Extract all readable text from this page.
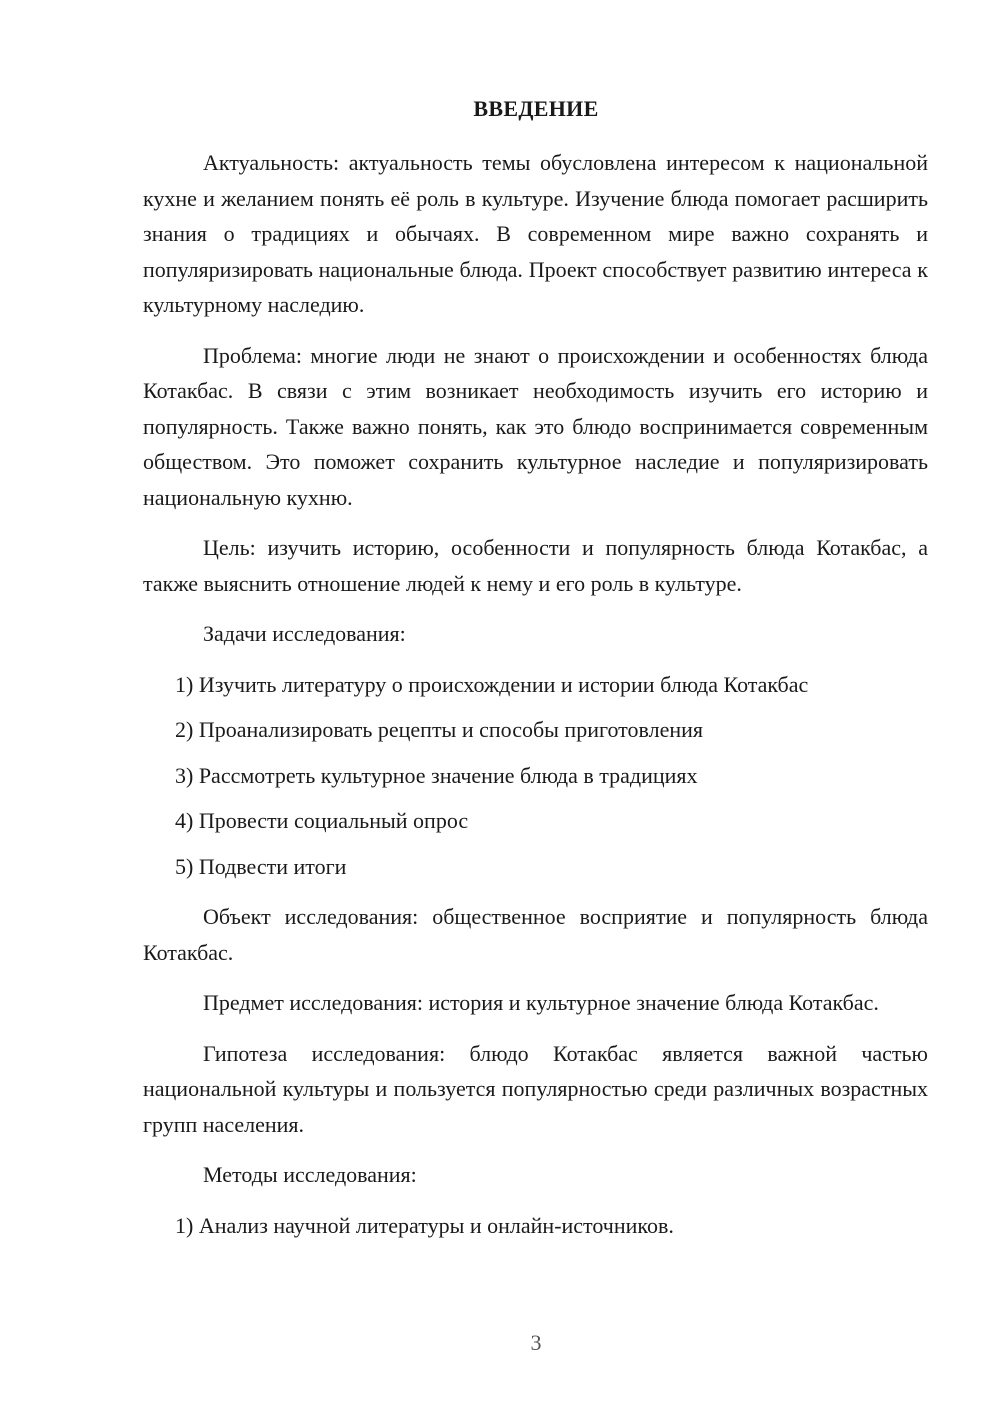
ВВЕДЕНИЕ

Актуальность: актуальность темы обусловлена интересом к национальной кухне и желанием понять её роль в культуре. Изучение блюда помогает расширить знания о традициях и обычаях. В современном мире важно сохранять и популяризировать национальные блюда. Проект способствует развитию интереса к культурному наследию.

Проблема: многие люди не знают о происхождении и особенностях блюда Котакбас. В связи с этим возникает необходимость изучить его историю и популярность. Также важно понять, как это блюдо воспринимается современным обществом. Это поможет сохранить культурное наследие и популяризировать национальную кухню.

Цель: изучить историю, особенности и популярность блюда Котакбас, а также выяснить отношение людей к нему и его роль в культуре.

Задачи исследования:

1) Изучить литературу о происхождении и истории блюда Котакбас
2) Проанализировать рецепты и способы приготовления
3) Рассмотреть культурное значение блюда в традициях
4) Провести социальный опрос
5) Подвести итоги

Объект исследования: общественное восприятие и популярность блюда Котакбас.

Предмет исследования: история и культурное значение блюда Котакбас.

Гипотеза исследования: блюдо Котакбас является важной частью национальной культуры и пользуется популярностью среди различных возрастных групп населения.

Методы исследования:

1) Анализ научной литературы и онлайн-источников.
3
